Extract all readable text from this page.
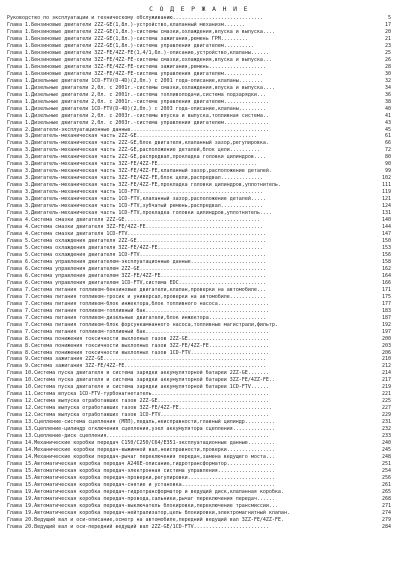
С О Д Е Р Ж А Н И Е
Руководство по эксплуатации и техническому обслуживанию..............................	5
Глава 1. Бензиновые двигатели 2ZZ-GE(1,8л.)-устройство,клапанный механизм.......	17
Глава 1. Бензиновые двигатели 2ZZ-GE(1,8л.)-системы смазки,охлаждения,впуска и выпуска....	20
Глава 1. Бензиновые двигатели 2ZZ-GE(1,8л.)-система зажигания,ремень ГРМ.........	21
Глава 1. Бензиновые двигатели 2ZZ-GE(1,8л.)-система управления двигателем..........	23
Глава 1. Бензиновые двигатели 3ZZ-FE/4ZZ-FE(1,4/1,6л.)-описание,устройство,клапаны......	25
Глава 1. Бензиновые двигатели 3ZZ-FE/4ZZ-FE-системы смазки,охлаждения,впуска и выпуска...	26
Глава 1. Бензиновые двигатели 3ZZ-FE/4ZZ-FE-система зажигания,ремень...................	28
Глава 1. Бензиновые двигатели 3ZZ-FE/4ZZ-FE-система управления двигателем.............	30
Глава 1. Дизельные двигатели 1CD-FTV(D-4D)(2,0л.) с 2001 года-описание,клапаны........	32
Глава 1. Дизельные двигатели 2,0л. с 2001г.-системы смазки,охлаждения,впуска и выпуска....	34
Глава 1. Дизельные двигатели 2,0л. с 2001г.-система топливоподачи,система подзарядки...	36
Глава 1. Дизельные двигатели 2,0л. с 2001г.-система управления двигателем...............	38
Глава 1. Дизельные двигатели 1CD-FTV(D-4D)(2,0л.) с 2003 года-описание,клапаны.........	40
Глава 1. Дизельные двигатели 2,0л. с 2003г.-системы впуска и выпуска,топливная система..	41
Глава 1. Дизельные двигатели 2,0л. с 2003г.-система управления двигателем...............	43
Глава 2. Двигатели-эксплуатационные данные..............................................	45
Глава 3. Двигатель-механическая часть 2ZZ-GE........................................	61
Глава 3. Двигатель-механическая часть 2ZZ-GE,блок двигателя,клапанный зазор,регулировка.	66
Глава 3. Двигатель-механическая часть 2ZZ-GE,расположение деталей,блок цели..........	72
Глава 3. Двигатель-механическая часть 2ZZ-GE,распредвал,прокладка головки цилиндров....	80
Глава 3. Двигатель-механическая часть 3ZZ-FE/4ZZ-FE.................................	90
Глава 3. Двигатель-механическая часть 3ZZ-FE/4ZZ-FE,клапанный зазор,расположение деталей.	99
Глава 3. Двигатель-механическая часть 3ZZ-FE/4ZZ-FE,блок цели,распредвал..............	102
Глава 3. Двигатель-механическая часть 3ZZ-FE/4ZZ-FE,прокладка головки цилиндров,уплотнитель.	111
Глава 3. Двигатель-механическая часть 1CD-FTV.........................................	119
Глава 3. Двигатель-механическая часть 1CD-FTV,клапанный зазор,расположение деталей.....	121
Глава 3. Двигатель-механическая часть 1CD-FTV,зубчатый ремень,распредвал..............	124
Глава 3. Двигатель-механическая часть 1CD-FTV,прокладка головки цилиндров,уплотнитель....	131
Глава 4. Система смазки двигателя 2ZZ-GE.............................................	140
Глава 4. Система смазки двигателя 3ZZ-FE/4ZZ-FE.......................................	144
Глава 4. Система смазки двигателя 1CD-FTV..............................................	147
Глава 5. Система охлаждения двигателя 2ZZ-GE...........................................	150
Глава 5. Система охлаждения двигателя 3ZZ-FE/4ZZ-FE...................................	153
Глава 5. Система охлаждения двигателя 1CD-FTV..........................................	156
Глава 6. Система управления двигателем-эксплуатационные данные.........................	158
Глава 6. Система управления двигателем 2ZZ-GE..........................................	162
Глава 6. Система управления двигателем 3ZZ-FE/4ZZ-FE...................................	164
Глава 6. Система управления двигателем 1CD-FTV,система EDC.............................	166
Глава 7. Система питания топливом-бензиновые двигатели,клапан,проверки на автомобиле...	171
Глава 7. Система питания топливом-тросик и универсал,проверки на автомобиле............	175
Глава 7. Система питания топливом-блок инжектора,блок топливного насоса.................	177
Глава 7. Система питания топливом-топливный бак.........................................	183
Глава 7. Система питания топливом-дизельные двигатели,блок инжектора...................	187
Глава 7. Система питания топливом-блок форсункамнанного насоса,топливные магистрали,фильтр.	192
Глава 7. Система питания топливом-топливный бак.........................................	197
Глава 8. Система понижения токсичности выхлопных газов 2ZZ-GE...........................	200
Глава 8. Система понижения токсичности выхлопных газов 3ZZ-FE/4ZZ-FE....................	203
Глава 8. Система понижения токсичности выхлопных газов 1CD-FTV..........................	206
Глава 9. Система зажигания 2ZZ-GE......................................................	210
Глава 9. Система зажигания 3ZZ-FE/4ZZ-FE...............................................	212
Глава 10. Система пуска двигателя и система зарядки аккумуляторной батареи 2ZZ-GE.......	214
Глава 10. Система пуска двигателя и система зарядки аккумуляторной батареи 3ZZ-FE/4ZZ-FE..	217
Глава 10. Система пуска двигателя и система зарядки аккумуляторной батареи 1CD-FTV......	219
Глава 11. Система впуска 1CD-FTV-турбонагнетатель.......................................	221
Глава 12. Система выпуска отработавших газов 2ZZ-GE.....................................	225
Глава 12. Система выпуска отработавших газов 3ZZ-FE/4ZZ-FE...............................	227
Глава 12. Система выпуска отработавших газов 1CD-FTV....................................	229
Глава 13. Сцепление-система сцепления (МПП),педаль,неисправности,главный цилиндр..........	231
Глава 13. Сцепление-цилиндр отключения сцепления,узел аккумулятора сцепления..............	232
Глава 13. Сцепление-диск сцепления......................................................	233
Глава 14. Механические коробки передач С150/С250/С64/Е351-эксплуатационные данные.........	240
Глава 14. Механические коробки передач-выжимной вал,неисправности,проверки................	245
Глава 14. Механические коробки передач-рычаг переключения передач,замена ведущего моста...	248
Глава 15. Автоматическая коробка передач А246Е-описание,гидротрансформатор................	251
Глава 15. Автоматическая коробка передач-электронная система управления...................	254
Глава 15. Автоматическая коробка передач-проверки,регулировки.............................	256
Глава 15. Автоматическая коробка передач-снятие и установка...............................	261
Глава 19. Автоматическая коробка передач-гидротрансформатор и ведущий диск,клапанная коробка.	265
Глава 19. Автоматическая коробка передач-провода,сальники,рычаг переключения передач......	268
Глава 19. Автоматическая коробка передач-выключатель блокировки,переключение трансмиссии...	271
Глава 19. Автоматическая коробка передач-нейтрализатор,цепь блокировки,электромагнитный клапан.	274
Глава 20. Ведущий вал и оси-описание,осмотр на автомобиле,передний ведущий вал 3ZZ-FE/4ZZ-FE.	279
Глава 20. Ведущий вал и оси-передний ведущий вал 2ZZ-GE/1CD-FTV.........................	284
